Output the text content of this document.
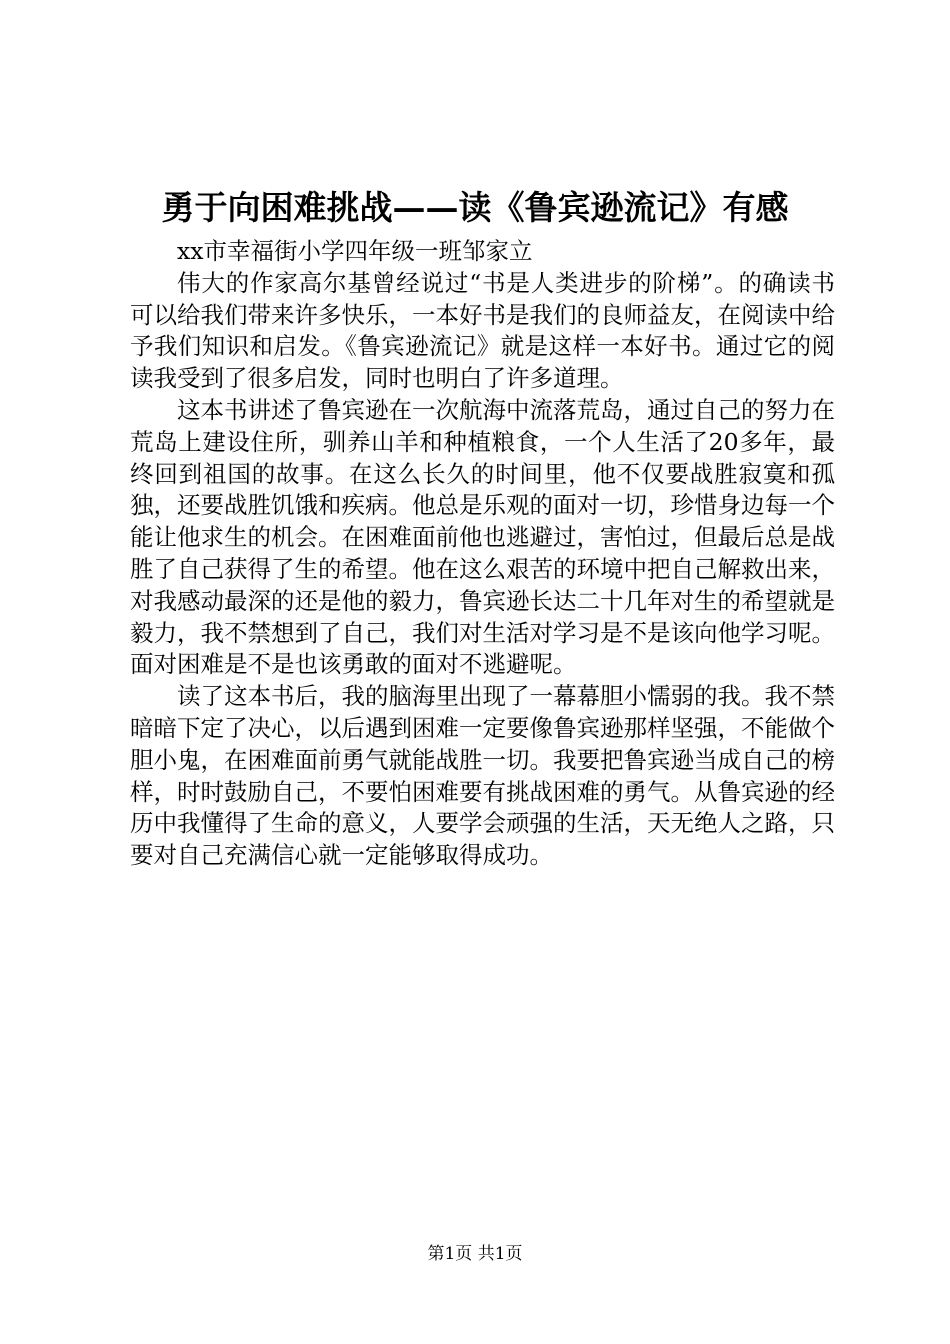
勇于向困难挑战——读《鲁宾逊流记》有感
xx市幸福街小学四年级一班邹家立

伟大的作家高尔基曾经说过“书是人类进步的阶梯”。的确读书可以给我们带来许多快乐，一本好书是我们的良师益友，在阅读中给予我们知识和启发。《鲁宾逊流记》就是这样一本好书。通过它的阅读我受到了很多启发，同时也明白了许多道理。

这本书讲述了鲁宾逊在一次航海中流落荒岛，通过自己的努力在荒岛上建设住所，驯养山羊和种植粮食，一个人生活了20多年，最终回到祖国的故事。在这么长久的时间里，他不仅要战胜寂寞和孤独，还要战胜饥饿和疾病。他总是乐观的面对一切，珍惜身边每一个能让他求生的机会。在困难面前他也逃避过，害怕过，但最后总是战胜了自己获得了生的希望。他在这么艰苦的环境中把自己解救出来，对我感动最深的还是他的毅力，鲁宾逊长达二十几年对生的希望就是毅力，我不禁想到了自己，我们对生活对学习是不是该向他学习呢。面对困难是不是也该勇敢的面对不逃避呢。

读了这本书后，我的脑海里出现了一幕幕胆小懦弱的我。我不禁暗暗下定了决心，以后遇到困难一定要像鲁宾逊那样坚强，不能做个胆小鬼，在困难面前勇气就能战胜一切。我要把鲁宾逊当成自己的榜样，时时鼓励自己，不要怕困难要有挑战困难的勇气。从鲁宾逊的经历中我懂得了生命的意义，人要学会顽强的生活，天无绝人之路，只要对自己充满信心就一定能够取得成功。

第1页 共1页
